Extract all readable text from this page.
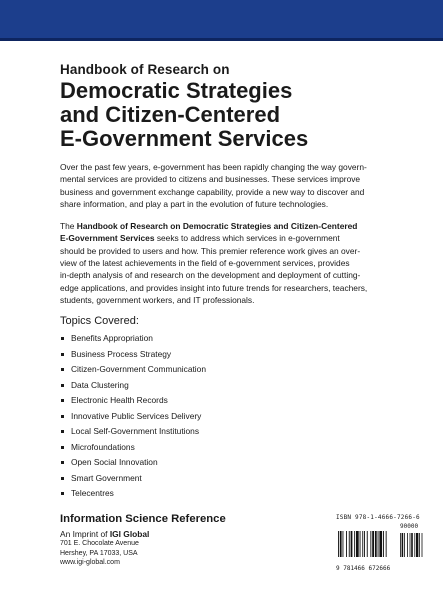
Handbook of Research on
Democratic Strategies
and Citizen-Centered
E-Government Services
Over the past few years, e-government has been rapidly changing the way govern-
mental services are provided to citizens and businesses. These services improve
business and government exchange capability, provide a new way to discover and
share information, and play a part in the evolution of future technologies.
The Handbook of Research on Democratic Strategies and Citizen-Centered
E-Government Services seeks to address which services in e-government
should be provided to users and how. This premier reference work gives an over-
view of the latest achievements in the field of e-government services, provides
in-depth analysis of and research on the development and deployment of cutting-
edge applications, and provides insight into future trends for researchers, teachers,
students, government workers, and IT professionals.
Topics Covered:
Benefits Appropriation
Business Process Strategy
Citizen-Government Communication
Data Clustering
Electronic Health Records
Innovative Public Services Delivery
Local Self-Government Institutions
Microfoundations
Open Social Innovation
Smart Government
Telecentres
Information Science Reference
An Imprint of IGI Global
701 E. Chocolate Avenue
Hershey, PA 17033, USA
www.igi-global.com
ISBN 978-1-4666-7266-6
90000
9 781466 672666
